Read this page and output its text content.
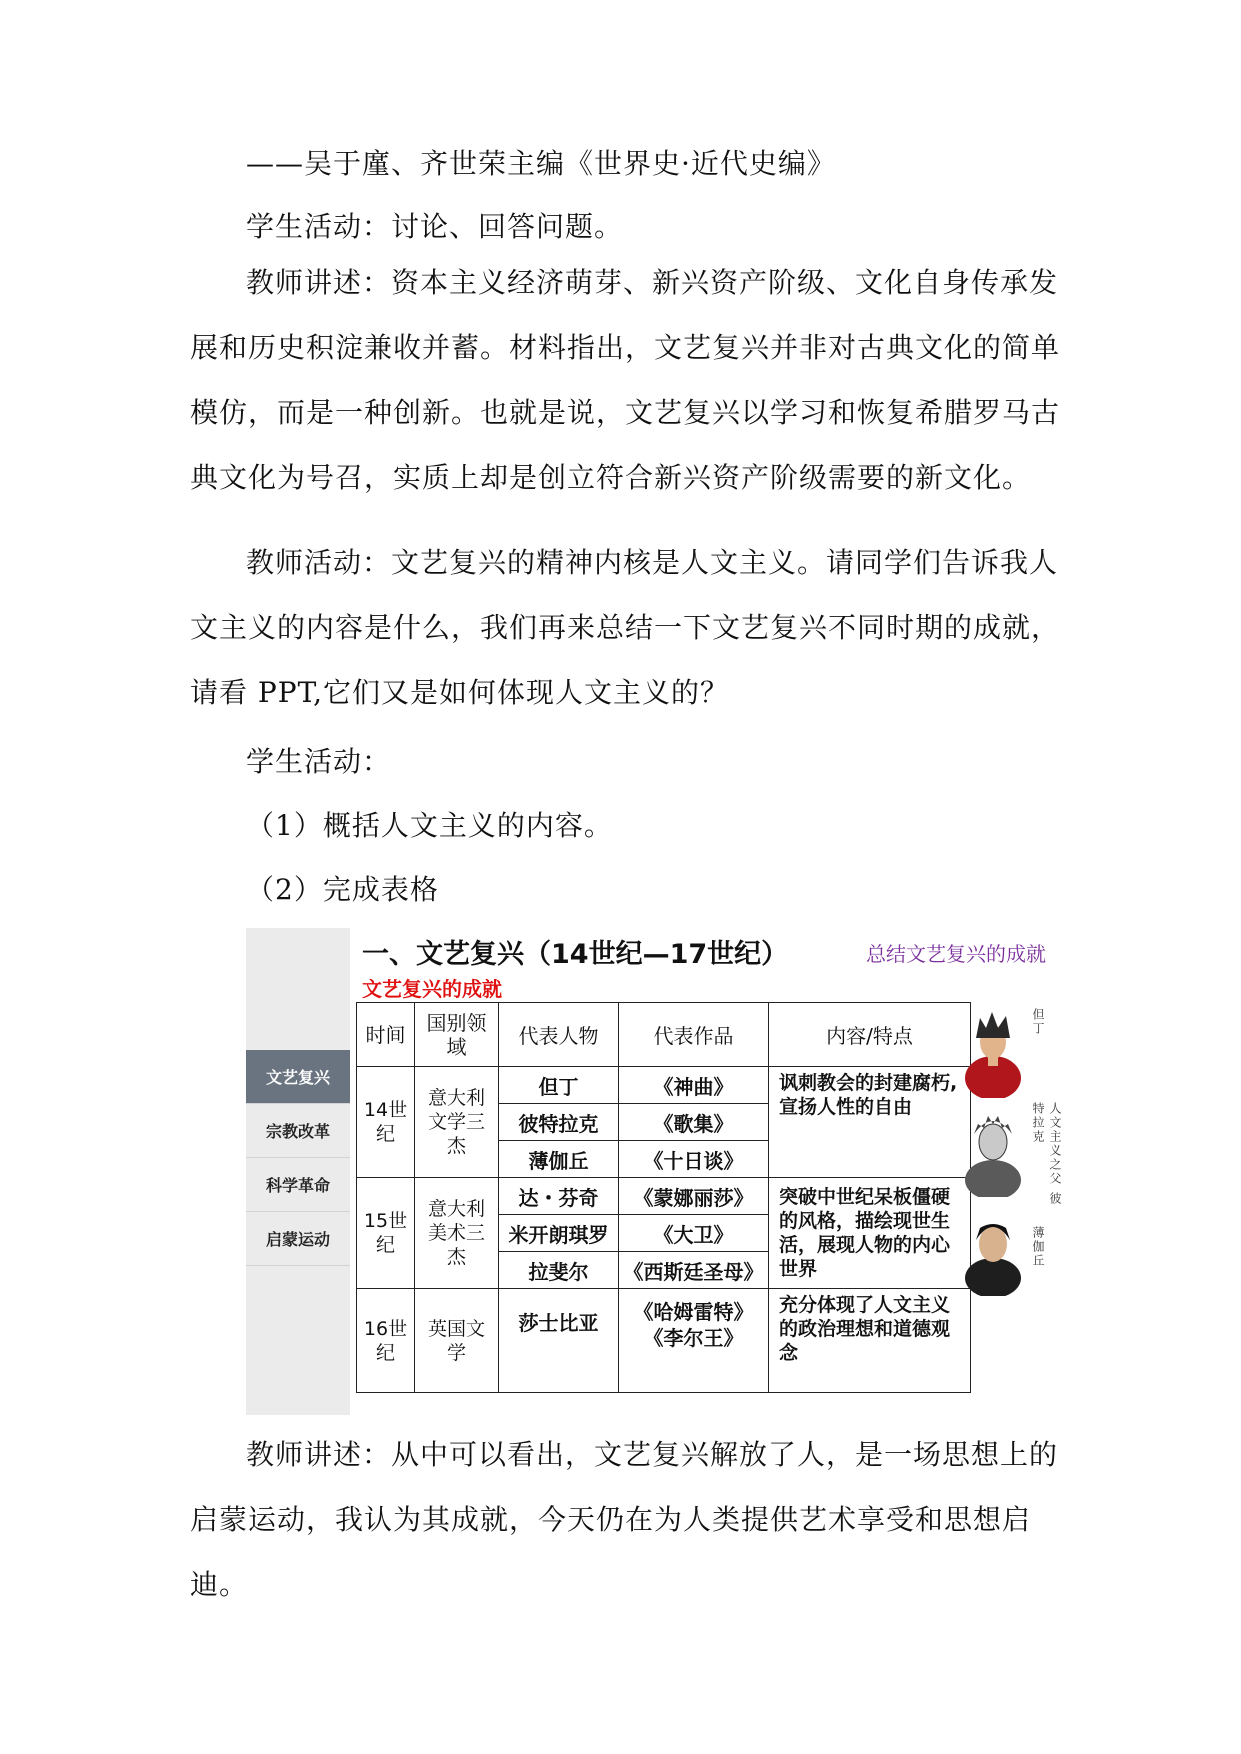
——吴于廑、齐世荣主编《世界史·近代史编》

学生活动：讨论、回答问题。

教师讲述：资本主义经济萌芽、新兴资产阶级、文化自身传承发展和历史积淀兼收并蓄。材料指出，文艺复兴并非对古典文化的简单模仿，而是一种创新。也就是说，文艺复兴以学习和恢复希腊罗马古典文化为号召，实质上却是创立符合新兴资产阶级需要的新文化。

教师活动：文艺复兴的精神内核是人文主义。请同学们告诉我人文主义的内容是什么，我们再来总结一下文艺复兴不同时期的成就，请看 PPT,它们又是如何体现人文主义的？

学生活动：

（1）概括人文主义的内容。

（2）完成表格

文艺复兴
宗教改革
科学革命
启蒙运动
一、文艺复兴（14世纪—17世纪）
文艺复兴的成就
总结文艺复兴的成就
时间	国别领域	代表人物	代表作品	内容/特点
14世纪	意大利文学三杰	但丁	《神曲》	讽刺教会的封建腐朽,宣扬人性的自由
		彼特拉克	《歌集》	
		薄伽丘	《十日谈》	
15世纪	意大利美术三杰	达・芬奇	《蒙娜丽莎》	突破中世纪呆板僵硬的风格，描绘现世生活，展现人物的内心世界
		米开朗琪罗	《大卫》	
		拉斐尔	《西斯廷圣母》	
16世纪	英国文学	莎士比亚	《哈姆雷特》《李尔王》	充分体现了人文主义的政治理想和道德观念
但丁
人文主义之父 彼特拉克
薄伽丘

教师讲述：从中可以看出，文艺复兴解放了人，是一场思想上的启蒙运动，我认为其成就，今天仍在为人类提供艺术享受和思想启迪。
